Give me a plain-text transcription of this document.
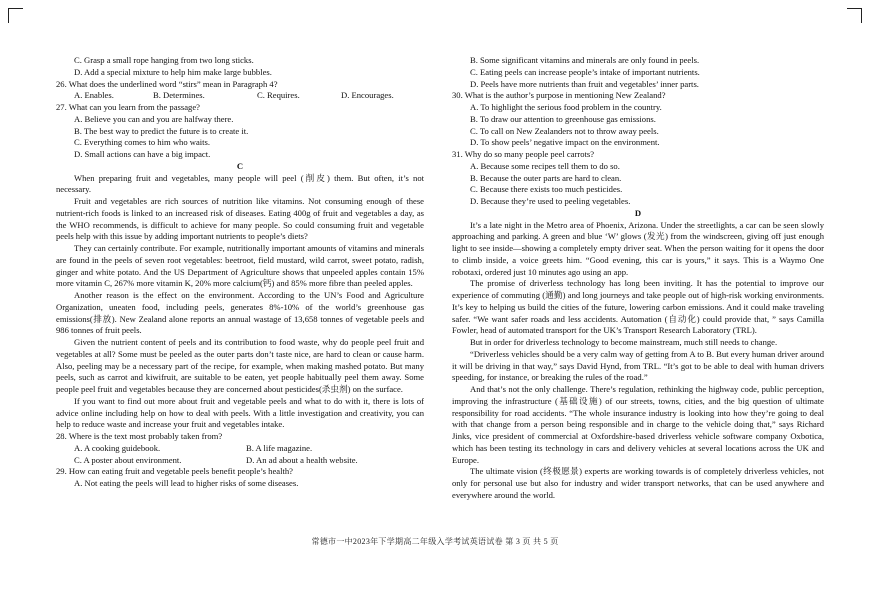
C. Grasp a small rope hanging from two long sticks.

D. Add a special mixture to help him make large bubbles.

26. What does the underlined word “stirs” mean in Paragraph 4?

A. Enables.	B. Determines.	C. Requires.	D. Encourages.

27. What can you learn from the passage?

A. Believe you can and you are halfway there.

B. The best way to predict the future is to create it.

C. Everything comes to him who waits.

D. Small actions can have a big impact.

C

When preparing fruit and vegetables, many people will peel (削皮) them. But often, it’s not necessary.

Fruit and vegetables are rich sources of nutrition like vitamins. Not consuming enough of these nutrient-rich foods is linked to an increased risk of diseases. Eating 400g of fruit and vegetables a day, as the WHO recommends, is difficult to achieve for many people. So could consuming fruit and vegetable peels help with this issue by adding important nutrients to people’s diets?

They can certainly contribute. For example, nutritionally important amounts of vitamins and minerals are found in the peels of seven root vegetables: beetroot, field mustard, wild carrot, sweet potato, radish, ginger and white potato. And the US Department of Agriculture shows that unpeeled apples contain 15% more vitamin C, 267% more vitamin K, 20% more calcium(钙) and 85% more fibre than peeled apples.

Another reason is the effect on the environment. According to the UN’s Food and Agriculture Organization, uneaten food, including peels, generates 8%-10% of the world’s greenhouse gas emissions(排放). New Zealand alone reports an annual wastage of 13,658 tonnes of vegetable peels and 986 tonnes of fruit peels.

Given the nutrient content of peels and its contribution to food waste, why do people peel fruit and vegetables at all? Some must be peeled as the outer parts don’t taste nice, are hard to clean or cause harm. Also, peeling may be a necessary part of the recipe, for example, when making mashed potato. But many peels, such as carrot and kiwifruit, are suitable to be eaten, yet people habitually peel them away. Some people peel fruit and vegetables because they are concerned about pesticides(杀虫剂) on the surface.

If you want to find out more about fruit and vegetable peels and what to do with it, there is lots of advice online including help on how to deal with peels. With a little investigation and creativity, you can help to reduce waste and increase your fruit and vegetables intake.

28. Where is the text most probably taken from?

A. A cooking guidebook.	B. A life magazine.
C. A poster about environment.	D. An ad about a health website.

29. How can eating fruit and vegetable peels benefit people’s health?

A. Not eating the peels will lead to higher risks of some diseases.

B. Some significant vitamins and minerals are only found in peels.

C. Eating peels can increase people’s intake of important nutrients.

D. Peels have more nutrients than fruit and vegetables’ inner parts.

30. What is the author’s purpose in mentioning New Zealand?

A. To highlight the serious food problem in the country.

B. To draw our attention to greenhouse gas emissions.

C. To call on New Zealanders not to throw away peels.

D. To show peels’ negative impact on the environment.

31. Why do so many people peel carrots?

A. Because some recipes tell them to do so.

B. Because the outer parts are hard to clean.

C. Because there exists too much pesticides.

D. Because they’re used to peeling vegetables.

D

It’s a late night in the Metro area of Phoenix, Arizona. Under the streetlights, a car can be seen slowly approaching and parking. A green and blue ‘W’ glows (发光) from the windscreen, giving off just enough light to see inside—showing a completely empty driver seat. When the person waiting for it opens the door to climb inside, a voice greets him. “Good evening, this car is yours,” it says. This is a Waymo One robotaxi, ordered just 10 minutes ago using an app.

The promise of driverless technology has long been inviting. It has the potential to improve our experience of commuting (通勤) and long journeys and take people out of high-risk working environments. It’s key to helping us build the cities of the future, lowering carbon emissions. And it could make traveling safer. “We want safer roads and less accidents. Automation (自动化) could provide that, ” says Camilla Fowler, head of automated transport for the UK’s Transport Research Laboratory (TRL).

But in order for driverless technology to become mainstream, much still needs to change.

“Driverless vehicles should be a very calm way of getting from A to B. But every human driver around it will be driving in that way,” says David Hynd, from TRL. “It’s got to be able to deal with human drivers speeding, for instance, or breaking the rules of the road.”

And that’s not the only challenge. There’s regulation, rethinking the highway code, public perception, improving the infrastructure (基础设施) of our streets, towns, cities, and the big question of ultimate responsibility for road accidents. “The whole insurance industry is looking into how they’re going to deal with that change from a person being responsible and in charge to the vehicle doing that,” says Richard Jinks, vice president of commercial at Oxfordshire-based driverless vehicle software company Oxbotica, which has been testing its technology in cars and delivery vehicles at several locations across the UK and Europe.

The ultimate vision (终极愿景) experts are working towards is of completely driverless vehicles, not only for personal use but also for industry and wider transport networks, that can be used anywhere and everywhere around the world.

常德市一中2023年下学期高二年级入学考试英语试卷 第 3 页 共 5 页
